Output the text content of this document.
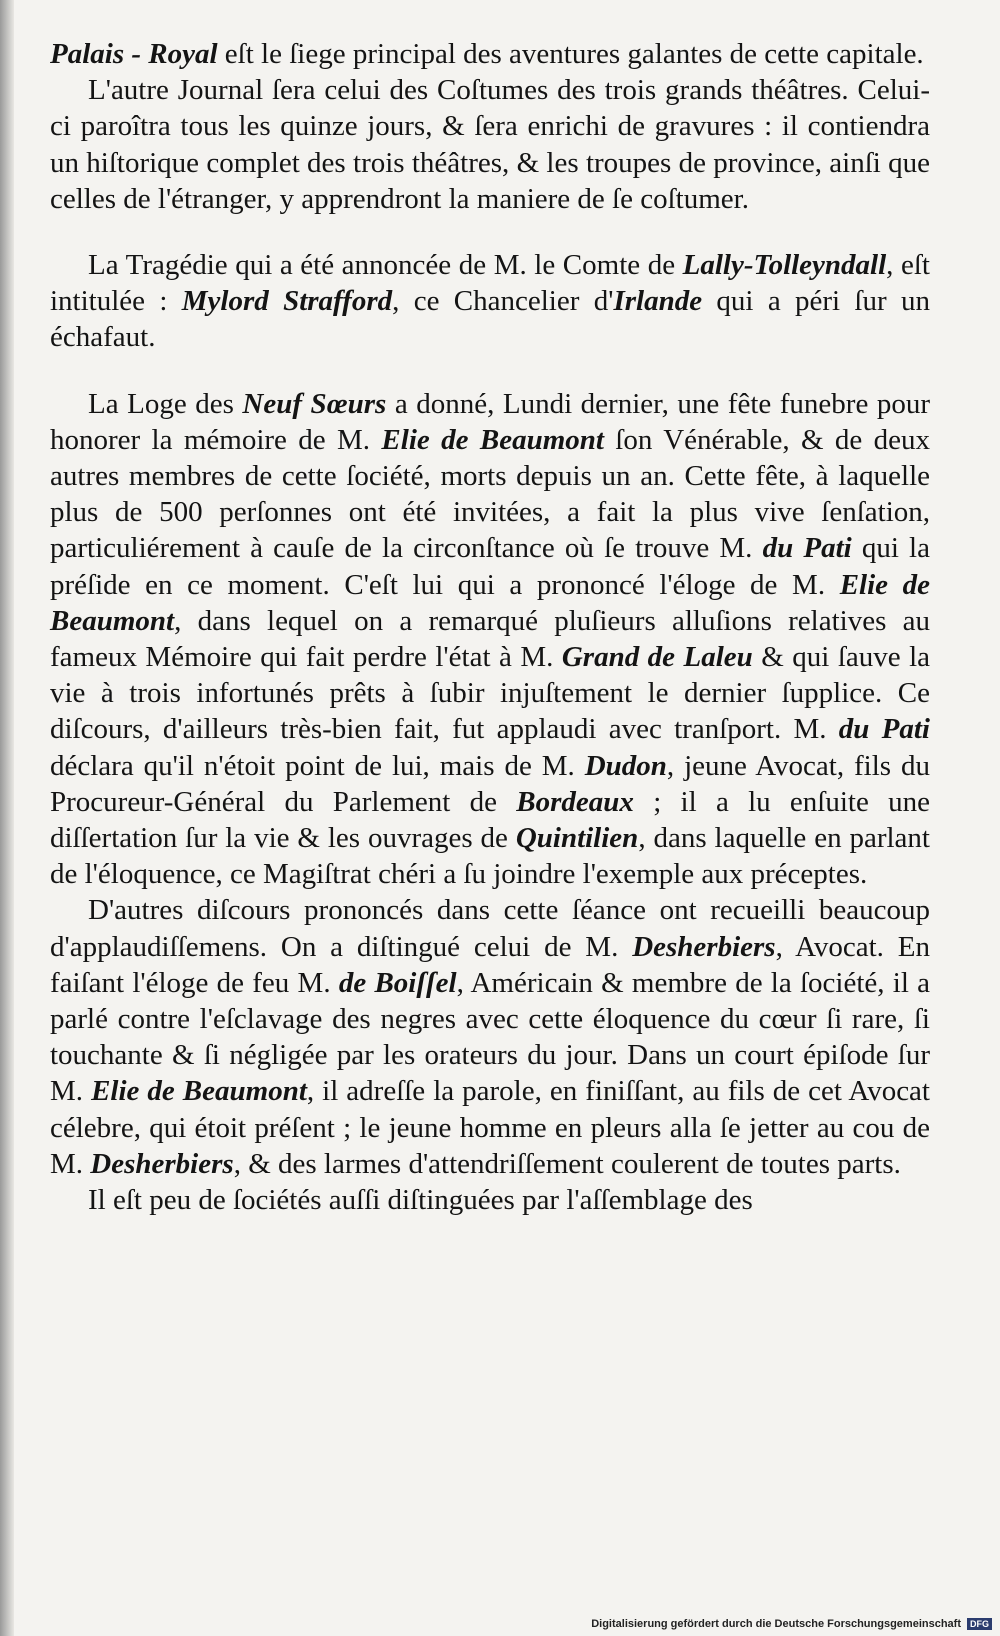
Palais - Royal eſt le ſiege principal des aventures galantes de cette capitale.

L'autre Journal ſera celui des Coſtumes des trois grands théâtres. Celui-ci paroîtra tous les quinze jours, & ſera enrichi de gravures : il contiendra un hiſtorique complet des trois théâtres, & les troupes de province, ainſi que celles de l'étranger, y apprendront la maniere de ſe coſtumer.

La Tragédie qui a été annoncée de M. le Comte de Lally-Tolleyndall, eſt intitulée : Mylord Strafford, ce Chancelier d'Irlande qui a péri ſur un échafaut.

La Loge des Neuf Sœurs a donné, Lundi dernier, une fête funebre pour honorer la mémoire de M. Elie de Beaumont ſon Vénérable, & de deux autres membres de cette ſociété, morts depuis un an. Cette fête, à laquelle plus de 500 perſonnes ont été invitées, a fait la plus vive ſenſation, particuliérement à cauſe de la circonſtance où ſe trouve M. du Pati qui la préſide en ce moment. C'eſt lui qui a prononcé l'éloge de M. Elie de Beaumont, dans lequel on a remarqué pluſieurs alluſions relatives au fameux Mémoire qui fait perdre l'état à M. Grand de Laleu & qui ſauve la vie à trois infortunés prêts à ſubir injuſtement le dernier ſupplice. Ce diſcours, d'ailleurs très-bien fait, fut applaudi avec tranſport. M. du Pati déclara qu'il n'étoit point de lui, mais de M. Dudon, jeune Avocat, fils du Procureur-Général du Parlement de Bordeaux ; il a lu enſuite une diſſertation ſur la vie & les ouvrages de Quintilien, dans laquelle en parlant de l'éloquence, ce Magiſtrat chéri a ſu joindre l'exemple aux préceptes.

D'autres diſcours prononcés dans cette ſéance ont recueilli beaucoup d'applaudiſſemens. On a diſtingué celui de M. Desherbiers, Avocat. En faiſant l'éloge de feu M. de Boiſſel, Américain & membre de la ſociété, il a parlé contre l'eſclavage des negres avec cette éloquence du cœur ſi rare, ſi touchante & ſi négligée par les orateurs du jour. Dans un court épiſode ſur M. Elie de Beaumont, il adreſſe la parole, en finiſſant, au fils de cet Avocat célebre, qui étoit préſent ; le jeune homme en pleurs alla ſe jetter au cou de M. Desherbiers, & des larmes d'attendriſſement coulerent de toutes parts.

Il eſt peu de ſociétés auſſi diſtinguées par l'aſſemblage des

Digitalisierung gefördert durch die Deutsche Forschungsgemeinschaft	DFG
